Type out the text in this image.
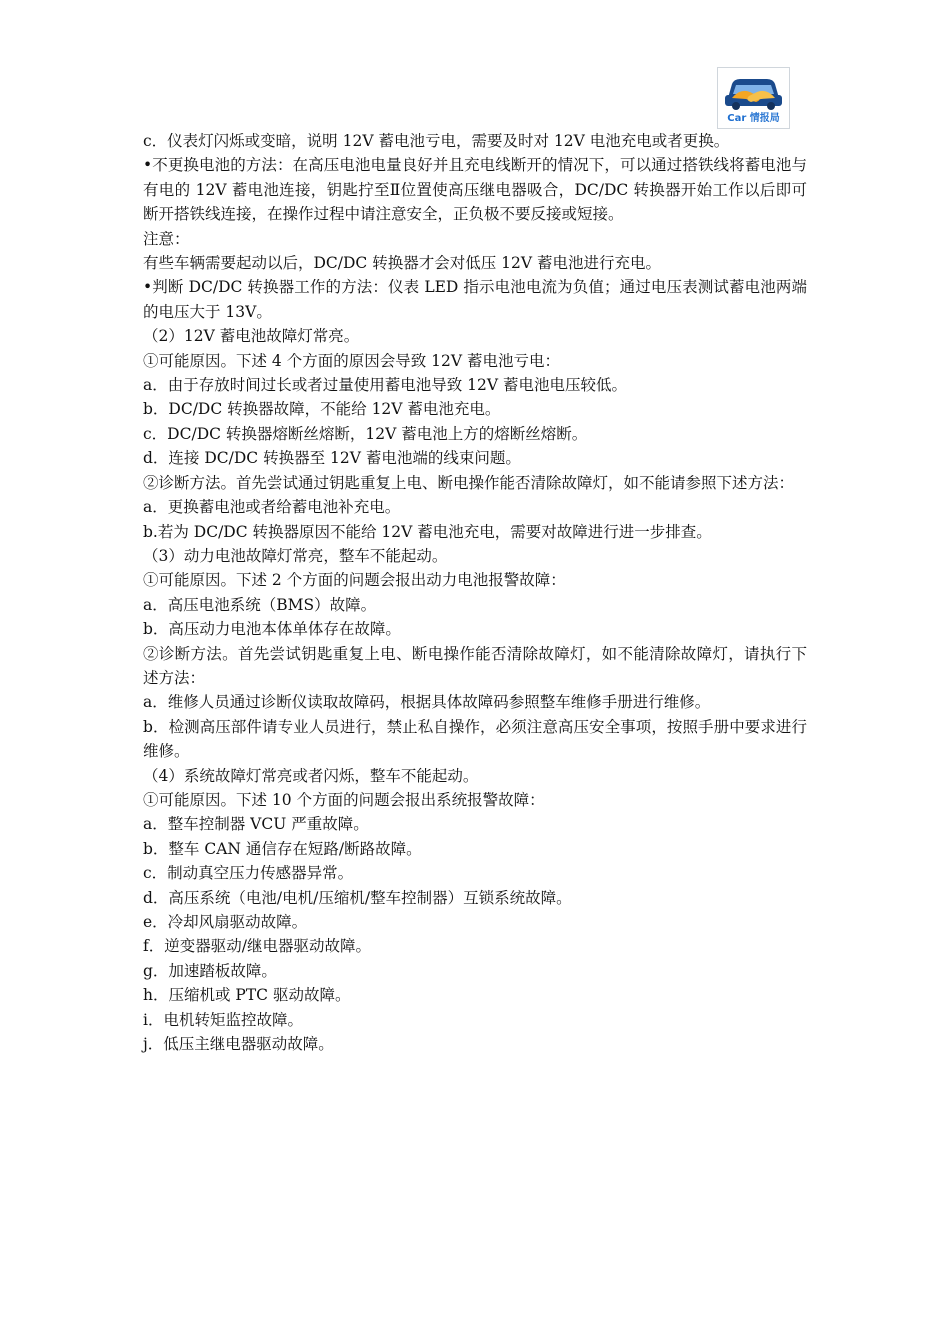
Car 情报局

c．仪表灯闪烁或变暗，说明 12V 蓄电池亏电，需要及时对 12V 电池充电或者更换。

•不更换电池的方法：在高压电池电量良好并且充电线断开的情况下，可以通过搭铁线将蓄电池与有电的 12V 蓄电池连接，钥匙拧至Ⅱ位置使高压继电器吸合，DC/DC 转换器开始工作以后即可断开搭铁线连接，在操作过程中请注意安全，正负极不要反接或短接。

注意：

有些车辆需要起动以后，DC/DC 转换器才会对低压 12V 蓄电池进行充电。

•判断 DC/DC 转换器工作的方法：仪表 LED 指示电池电流为负值；通过电压表测试蓄电池两端的电压大于 13V。

（2）12V 蓄电池故障灯常亮。

①可能原因。下述 4 个方面的原因会导致 12V 蓄电池亏电：

a．由于存放时间过长或者过量使用蓄电池导致 12V 蓄电池电压较低。

b．DC/DC 转换器故障，不能给 12V 蓄电池充电。

c．DC/DC 转换器熔断丝熔断，12V 蓄电池上方的熔断丝熔断。

d．连接 DC/DC 转换器至 12V 蓄电池端的线束问题。

②诊断方法。首先尝试通过钥匙重复上电、断电操作能否清除故障灯，如不能请参照下述方法：

a．更换蓄电池或者给蓄电池补充电。

b.若为 DC/DC 转换器原因不能给 12V 蓄电池充电，需要对故障进行进一步排查。

（3）动力电池故障灯常亮，整车不能起动。

①可能原因。下述 2 个方面的问题会报出动力电池报警故障：

a．高压电池系统（BMS）故障。

b．高压动力电池本体单体存在故障。

②诊断方法。首先尝试钥匙重复上电、断电操作能否清除故障灯，如不能清除故障灯，请执行下述方法：

a．维修人员通过诊断仪读取故障码，根据具体故障码参照整车维修手册进行维修。

b．检测高压部件请专业人员进行，禁止私自操作，必须注意高压安全事项，按照手册中要求进行维修。

（4）系统故障灯常亮或者闪烁，整车不能起动。

①可能原因。下述 10 个方面的问题会报出系统报警故障：

a．整车控制器 VCU 严重故障。

b．整车 CAN 通信存在短路/断路故障。

c．制动真空压力传感器异常。

d．高压系统（电池/电机/压缩机/整车控制器）互锁系统故障。

e．冷却风扇驱动故障。

f．逆变器驱动/继电器驱动故障。

g．加速踏板故障。

h．压缩机或 PTC 驱动故障。

i．电机转矩监控故障。

j．低压主继电器驱动故障。
